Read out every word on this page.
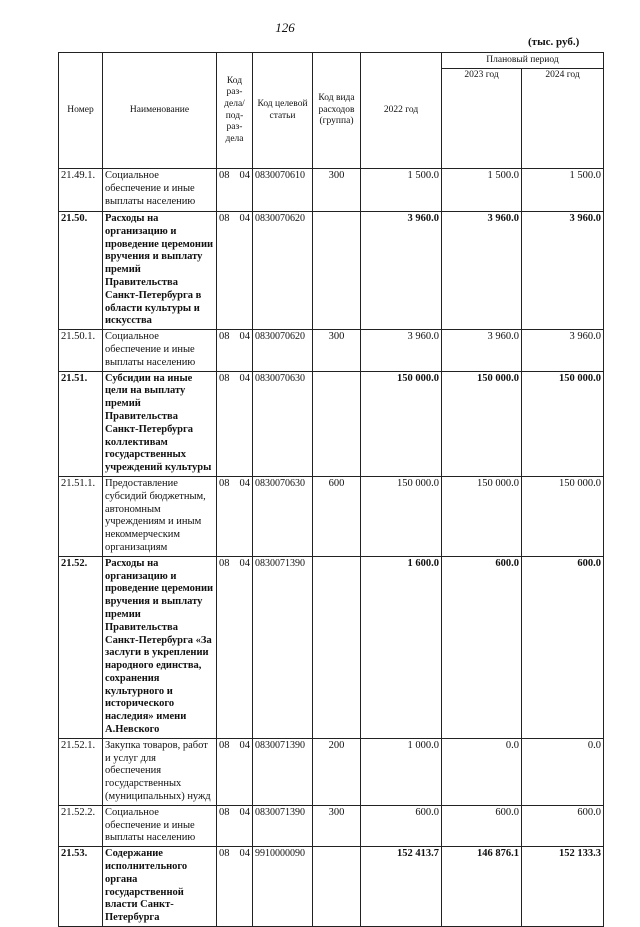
126
(тыс. руб.)
Номер	Наименование	Код раз-дела/ под-раз-дела	Код целевой статьи	Код вида расходов (группа)	2022 год	Плановый период	
						2023 год	2024 год
21.49.1.	Социальное обеспечение и иные выплаты населению	08 04	0830070610	300	1 500.0	1 500.0	1 500.0
21.50.	Расходы на организацию и проведение церемонии вручения и выплату премий Правительства Санкт-Петербурга в области культуры и искусства	08 04	0830070620		3 960.0	3 960.0	3 960.0
21.50.1.	Социальное обеспечение и иные выплаты населению	08 04	0830070620	300	3 960.0	3 960.0	3 960.0
21.51.	Субсидии на иные цели на выплату премий Правительства Санкт-Петербурга коллективам государственных учреждений культуры	08 04	0830070630		150 000.0	150 000.0	150 000.0
21.51.1.	Предоставление субсидий бюджетным, автономным учреждениям и иным некоммерческим организациям	08 04	0830070630	600	150 000.0	150 000.0	150 000.0
21.52.	Расходы на организацию и проведение церемонии вручения и выплату премии Правительства Санкт-Петербурга «За заслуги в укреплении народного единства, сохранения культурного и исторического наследия» имени А.Невского	08 04	0830071390		1 600.0	600.0	600.0
21.52.1.	Закупка товаров, работ и услуг для обеспечения государственных (муниципальных) нужд	08 04	0830071390	200	1 000.0	0.0	0.0
21.52.2.	Социальное обеспечение и иные выплаты населению	08 04	0830071390	300	600.0	600.0	600.0
21.53.	Содержание исполнительного органа государственной власти Санкт-Петербурга	08 04	9910000090		152 413.7	146 876.1	152 133.3
